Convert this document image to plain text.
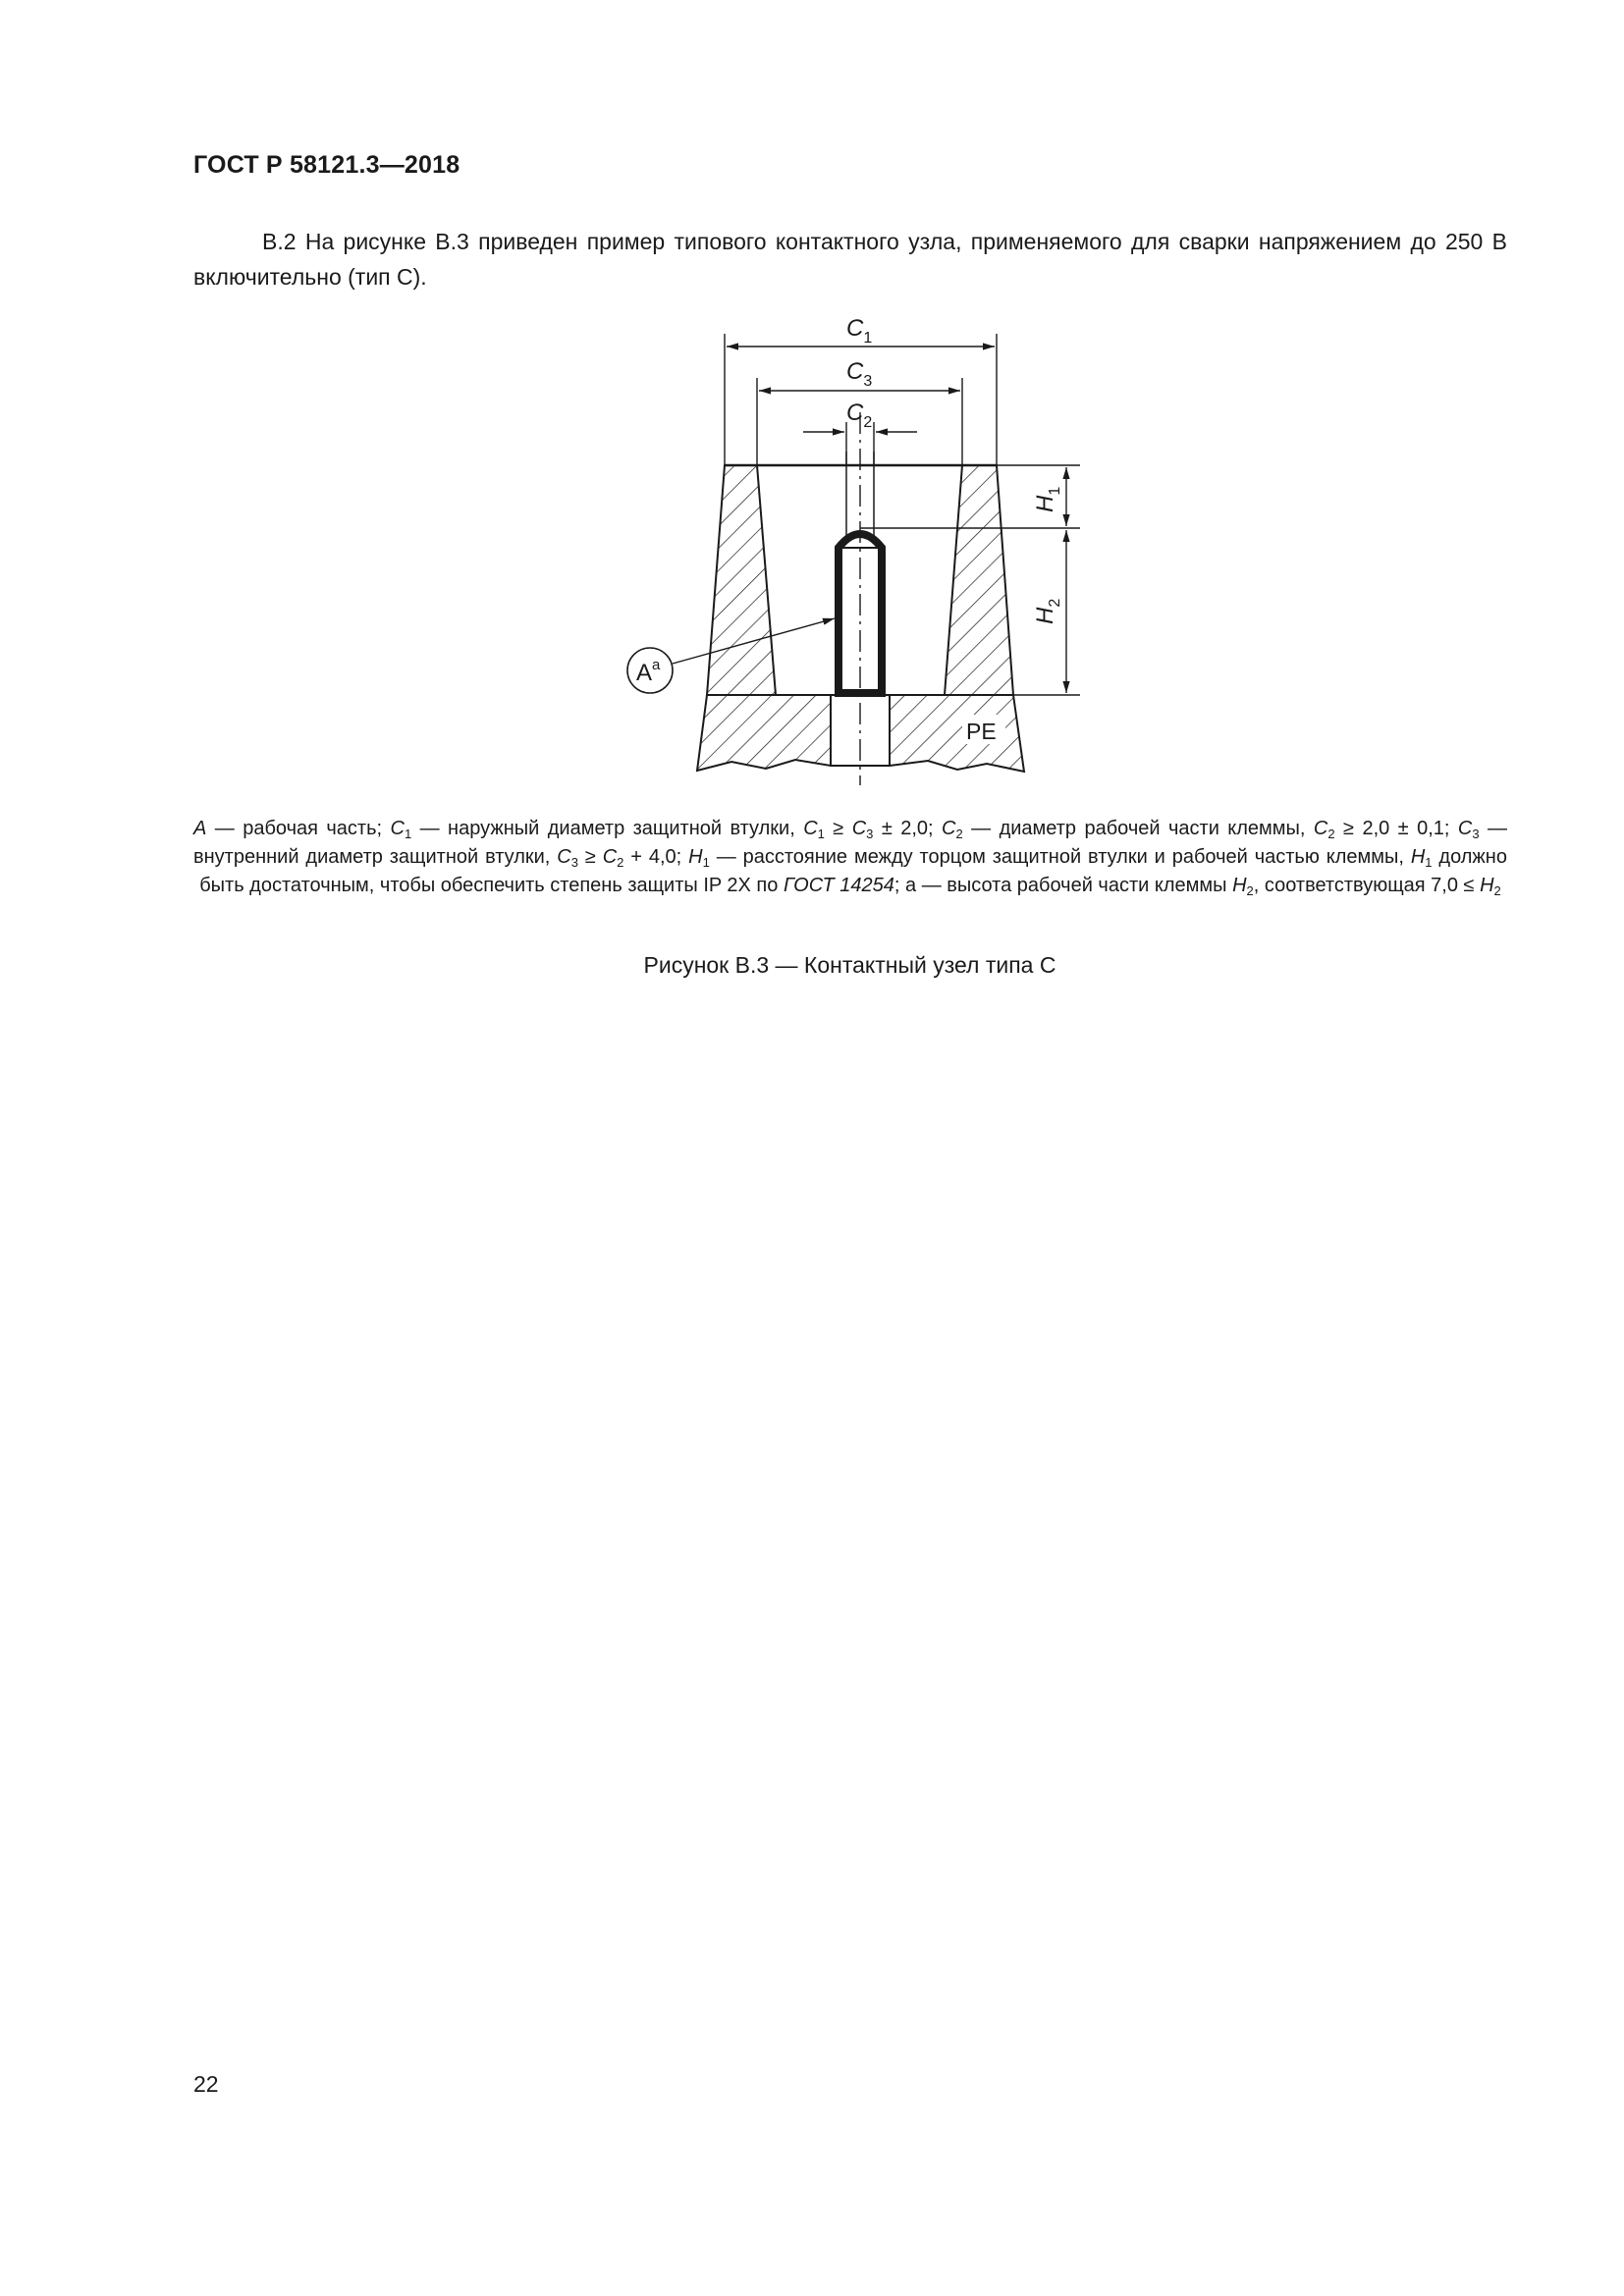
ГОСТ Р 58121.3—2018

B.2 На рисунке B.3 приведен пример типового контактного узла, применяемого для сварки напряжением до 250 В включительно (тип С).

$C_1$
$C_3$
$C_2$
$H_1$
$H_2$
$A^a$
PE

A — рабочая часть; $C_1$ — наружный диаметр защитной втулки, $C_1 \ge C_3 \pm 2,0$; $C_2$ — диаметр рабочей части клеммы, $C_2 \ge 2,0 \pm 0,1$; $C_3$ — внутренний диаметр защитной втулки, $C_3 \ge C_2 + 4,0$; $H_1$ — расстояние между торцом защитной втулки и рабочей частью клеммы, $H_1$ должно быть достаточным, чтобы обеспечить степень защиты IP 2X по ГОСТ 14254; a — высота рабочей части клеммы $H_2$, соответствующая $7,0 \le H_2$

Рисунок B.3 — Контактный узел типа С
22
